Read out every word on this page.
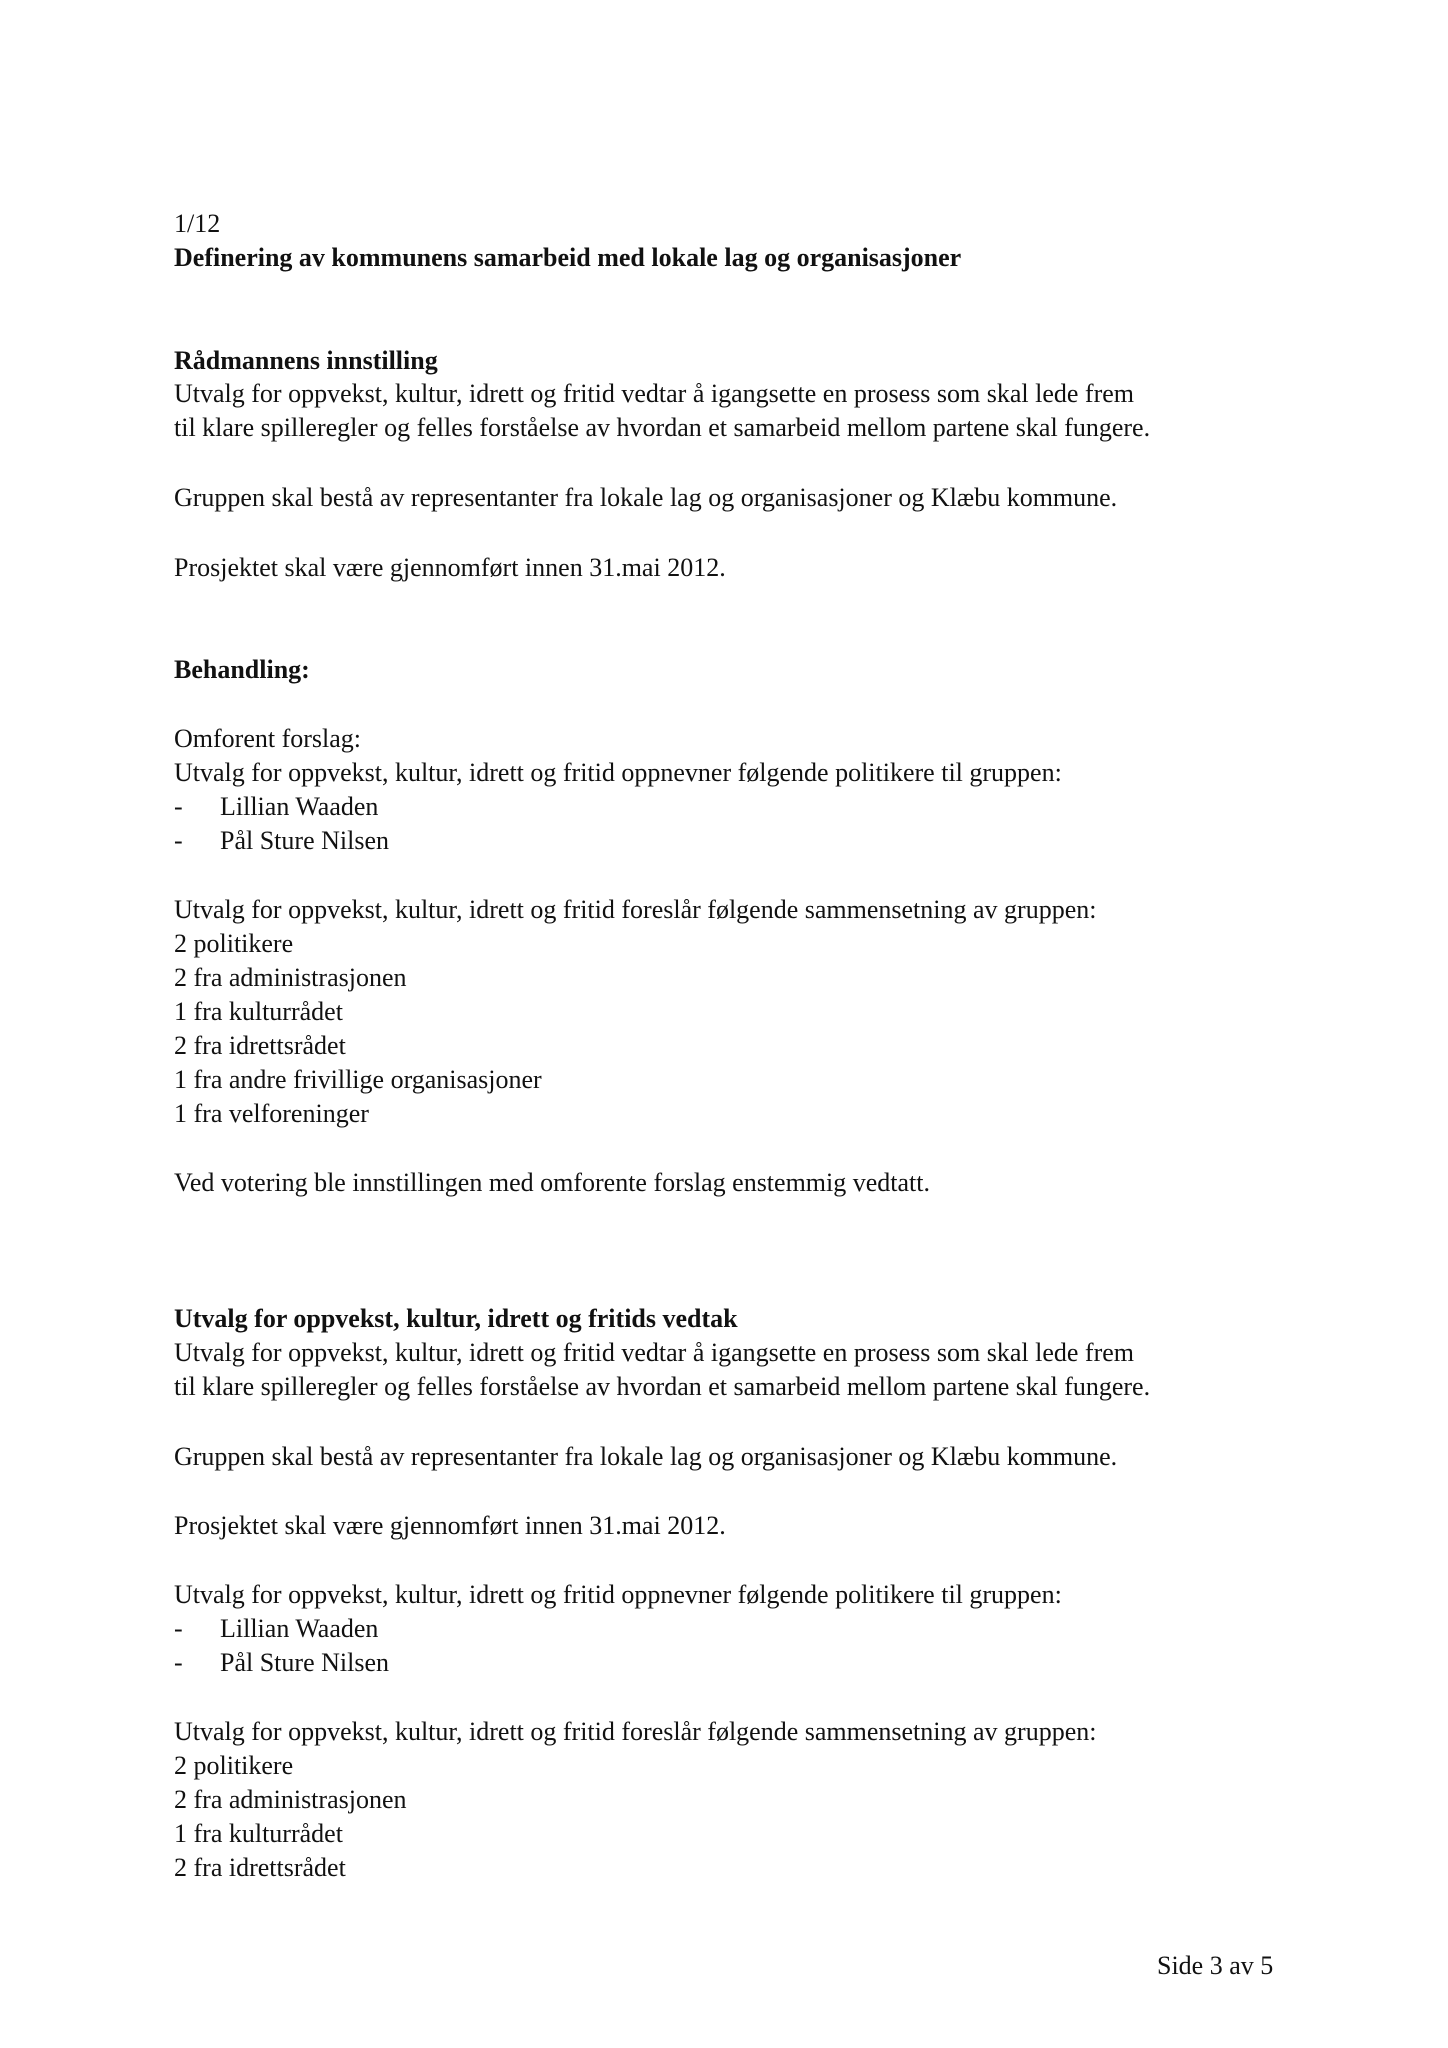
1/12
Definering av kommunens samarbeid med lokale lag og organisasjoner
Rådmannens innstilling
Utvalg for oppvekst, kultur, idrett og fritid vedtar å igangsette en prosess som skal lede frem
til klare spilleregler og felles forståelse av hvordan et samarbeid mellom partene skal fungere.
Gruppen skal bestå av representanter fra lokale lag og organisasjoner og Klæbu kommune.
Prosjektet skal være gjennomført innen 31.mai 2012.
Behandling:
Omforent forslag:
Utvalg for oppvekst, kultur, idrett og fritid oppnevner følgende politikere til gruppen:
- Lillian Waaden
- Pål Sture Nilsen
Utvalg for oppvekst, kultur, idrett og fritid foreslår følgende sammensetning av gruppen:
2 politikere
2 fra administrasjonen
1 fra kulturrådet
2 fra idrettsrådet
1 fra andre frivillige organisasjoner
1 fra velforeninger
Ved votering ble innstillingen med omforente forslag enstemmig vedtatt.
Utvalg for oppvekst, kultur, idrett og fritids vedtak
Utvalg for oppvekst, kultur, idrett og fritid vedtar å igangsette en prosess som skal lede frem
til klare spilleregler og felles forståelse av hvordan et samarbeid mellom partene skal fungere.
Gruppen skal bestå av representanter fra lokale lag og organisasjoner og Klæbu kommune.
Prosjektet skal være gjennomført innen 31.mai 2012.
Utvalg for oppvekst, kultur, idrett og fritid oppnevner følgende politikere til gruppen:
- Lillian Waaden
- Pål Sture Nilsen
Utvalg for oppvekst, kultur, idrett og fritid foreslår følgende sammensetning av gruppen:
2 politikere
2 fra administrasjonen
1 fra kulturrådet
2 fra idrettsrådet
Side 3 av 5
